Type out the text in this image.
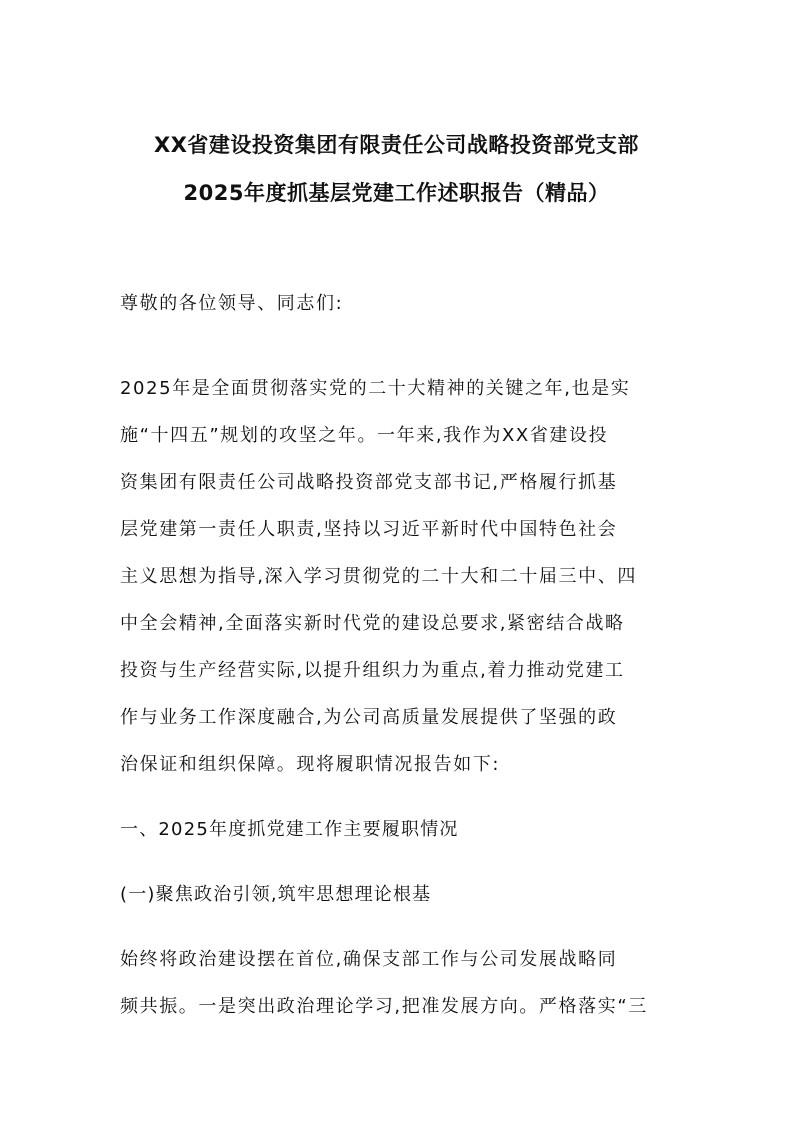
XX省建设投资集团有限责任公司战略投资部党支部
2025年度抓基层党建工作述职报告（精品）
尊敬的各位领导、同志们:
2025年是全面贯彻落实党的二十大精神的关键之年,也是实
施“十四五”规划的攻坚之年。一年来,我作为XX省建设投
资集团有限责任公司战略投资部党支部书记,严格履行抓基
层党建第一责任人职责,坚持以习近平新时代中国特色社会
主义思想为指导,深入学习贯彻党的二十大和二十届三中、四
中全会精神,全面落实新时代党的建设总要求,紧密结合战略
投资与生产经营实际,以提升组织力为重点,着力推动党建工
作与业务工作深度融合,为公司高质量发展提供了坚强的政
治保证和组织保障。现将履职情况报告如下:
一、2025年度抓党建工作主要履职情况
(一)聚焦政治引领,筑牢思想理论根基
始终将政治建设摆在首位,确保支部工作与公司发展战略同
频共振。一是突出政治理论学习,把准发展方向。严格落实“三
